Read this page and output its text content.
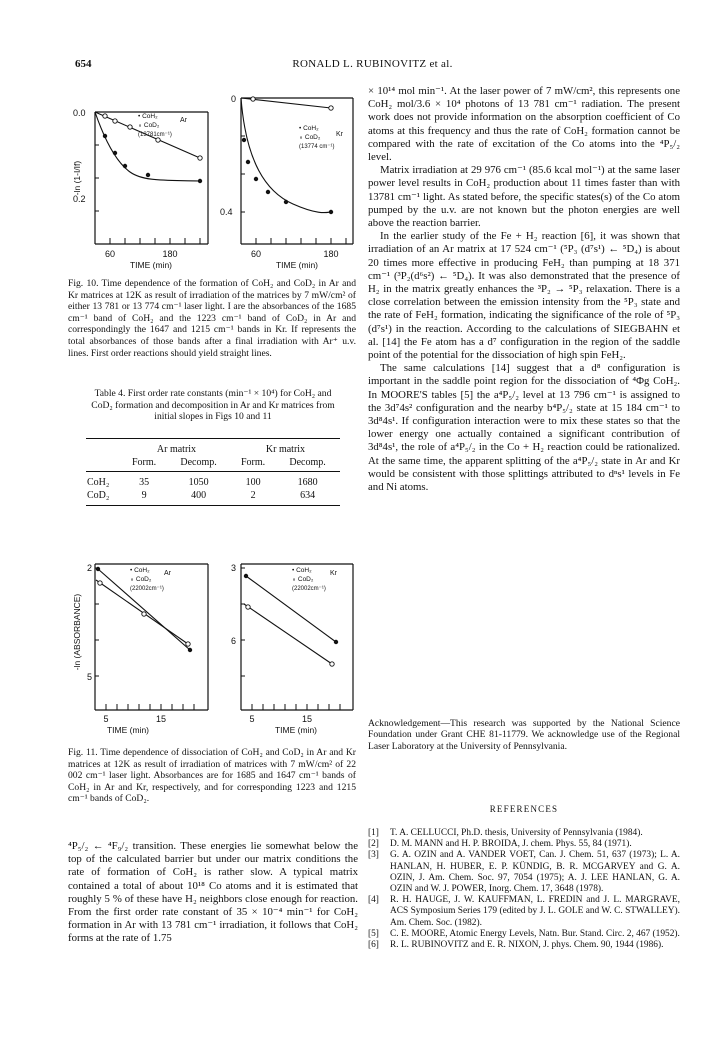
654	RONALD L. RUBINOVITZ et al.
0.0
0.2
-ln (1-I/If)
60	180
TIME (min)
• CoH₂
∘ CoD₂
(13781cm⁻¹)
Ar
0
0.4
60	180
TIME (min)
• CoH₂
∘ CoD₂
(13774 cm⁻¹)
Kr
Fig. 10. Time dependence of the formation of CoH₂ and CoD₂ in Ar and Kr matrices at 12K as result of irradiation of the matrices by 7 mW/cm² of either 13 781 or 13 774 cm⁻¹ laser light. I are the absorbances of the 1685 cm⁻¹ band of CoH₂ and the 1223 cm⁻¹ band of CoD₂ in Ar and correspondingly the 1647 and 1215 cm⁻¹ bands in Kr. If represents the total absorbances of those bands after a final irradiation with Ar⁺ u.v. lines. First order reactions should yield straight lines.
Table 4. First order rate constants (min⁻¹ × 10⁴) for CoH₂ and CoD₂ formation and decomposition in Ar and Kr matrices from initial slopes in Figs 10 and 11
	Ar matrix		Kr matrix	
	Form.	Decomp.	Form.	Decomp.
CoH₂	35	1050	100	1680
CoD₂	9	400	2	634
2
5
-ln (ABSORBANCE)
5	15
TIME (min)
• CoH₂
∘ CoD₂
(22002cm⁻¹)
Ar
3
6
5	15
TIME (min)
• CoH₂
∘ CoD₂
(22002cm⁻¹)
Kr
Fig. 11. Time dependence of dissociation of CoH₂ and CoD₂ in Ar and Kr matrices at 12K as result of irradiation of matrices with 7 mW/cm² of 22 002 cm⁻¹ laser light. Absorbances are for 1685 and 1647 cm⁻¹ bands of CoH₂ in Ar and Kr, respectively, and for corresponding 1223 and 1215 cm⁻¹ bands of CoD₂.

⁴P₅/₂ ← ⁴F₉/₂ transition. These energies lie somewhat below the top of the calculated barrier but under our matrix conditions the rate of formation of CoH₂ is rather slow. A typical matrix contained a total of about 10¹⁸ Co atoms and it is estimated that roughly 5 % of these have H₂ neighbors close enough for reaction. From the first order rate constant of 35 × 10⁻⁴ min⁻¹ for CoH₂ formation in Ar with 13 781 cm⁻¹ irradiation, it follows that CoH₂ forms at the rate of 1.75

× 10¹⁴ mol min⁻¹. At the laser power of 7 mW/cm², this represents one CoH₂ mol/3.6 × 10⁴ photons of 13 781 cm⁻¹ radiation. The present work does not provide information on the absorption coefficient of Co atoms at this frequency and thus the rate of CoH₂ formation cannot be compared with the rate of excitation of the Co atoms into the ⁴P₅/₂ level.

Matrix irradiation at 29 976 cm⁻¹ (85.6 kcal mol⁻¹) at the same laser power level results in CoH₂ production about 11 times faster than with 13781 cm⁻¹ light. As stated before, the specific states(s) of the Co atom pumped by the u.v. are not known but the photon energies are well above the reaction barrier.

In the earlier study of the Fe + H₂ reaction [6], it was shown that irradiation of an Ar matrix at 17 524 cm⁻¹ (⁵P₃ (d⁷s¹) ← ⁵D₄) is about 20 times more effective in producing FeH₂ than pumping at 18 371 cm⁻¹ (³P₂(d⁶s²) ← ⁵D₄). It was also demonstrated that the presence of H₂ in the matrix greatly enhances the ³P₂ → ⁵P₃ relaxation. There is a close correlation between the emission intensity from the ⁵P₃ state and the rate of FeH₂ formation, indicating the significance of the role of ⁵P₃ (d⁷s¹) in the reaction. According to the calculations of SIEGBAHN et al. [14] the Fe atom has a d⁷ configuration in the region of the saddle point of the potential for the dissociation of high spin FeH₂.

The same calculations [14] suggest that a d⁸ configuration is important in the saddle point region for the dissociation of ⁴Φg CoH₂. In MOORE'S tables [5] the a⁴P₅/₂ level at 13 796 cm⁻¹ is assigned to the 3d⁷4s² configuration and the nearby b⁴P₅/₂ state at 15 184 cm⁻¹ to 3d⁸4s¹. If configuration interaction were to mix these states so that the lower energy one actually contained a significant contribution of 3d⁸4s¹, the role of a⁴P₅/₂ in the Co + H₂ reaction could be rationalized. At the same time, the apparent splitting of the a⁴P₅/₂ state in Ar and Kr would be consistent with those splittings attributed to dⁿs¹ levels in Fe and Ni atoms.

Acknowledgement—This research was supported by the National Science Foundation under Grant CHE 81-11779. We acknowledge use of the Regional Laser Laboratory at the University of Pennsylvania.
REFERENCES
[1]	T. A. CELLUCCI, Ph.D. thesis, University of Pennsylvania (1984).
[2]	D. M. MANN and H. P. BROIDA, J. chem. Phys. 55, 84 (1971).
[3]	G. A. OZIN and A. VANDER VOET, Can. J. Chem. 51, 637 (1973); L. A. HANLAN, H. HUBER, E. P. KÜNDIG, B. R. MCGARVEY and G. A. OZIN, J. Am. Chem. Soc. 97, 7054 (1975); A. J. LEE HANLAN, G. A. OZIN and W. J. POWER, Inorg. Chem. 17, 3648 (1978).
[4]	R. H. HAUGE, J. W. KAUFFMAN, L. FREDIN and J. L. MARGRAVE, ACS Symposium Series 179 (edited by J. L. GOLE and W. C. STWALLEY). Am. Chem. Soc. (1982).
[5]	C. E. MOORE, Atomic Energy Levels, Natn. Bur. Stand. Circ. 2, 467 (1952).
[6]	R. L. RUBINOVITZ and E. R. NIXON, J. phys. Chem. 90, 1944 (1986).
